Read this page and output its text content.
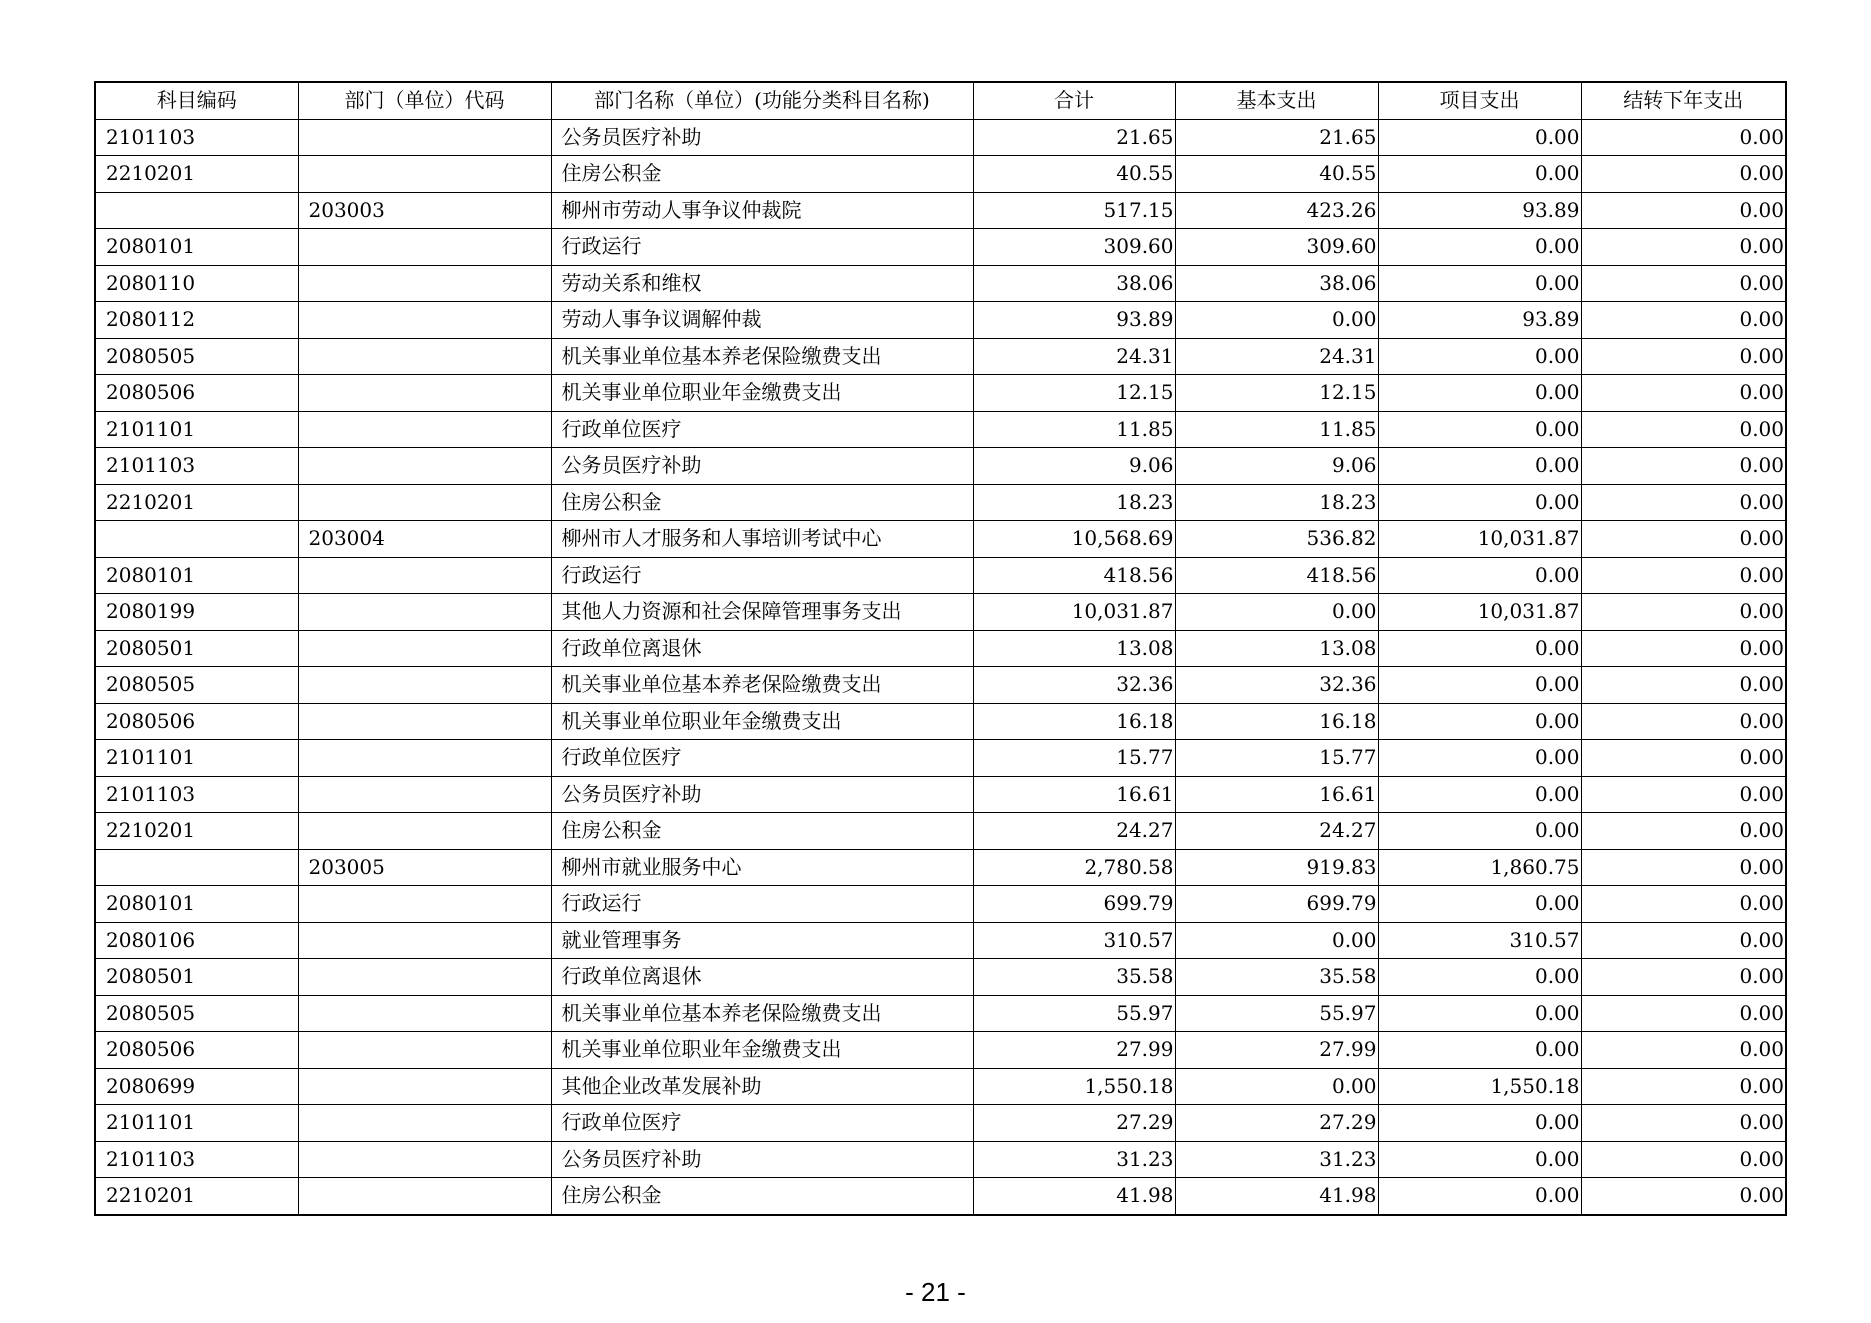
科目编码	部门（单位）代码	部门名称（单位）(功能分类科目名称)	合计	基本支出	项目支出	结转下年支出
2101103		公务员医疗补助	21.65	21.65	0.00	0.00
2210201		住房公积金	40.55	40.55	0.00	0.00
	203003	柳州市劳动人事争议仲裁院	517.15	423.26	93.89	0.00
2080101		行政运行	309.60	309.60	0.00	0.00
2080110		劳动关系和维权	38.06	38.06	0.00	0.00
2080112		劳动人事争议调解仲裁	93.89	0.00	93.89	0.00
2080505		机关事业单位基本养老保险缴费支出	24.31	24.31	0.00	0.00
2080506		机关事业单位职业年金缴费支出	12.15	12.15	0.00	0.00
2101101		行政单位医疗	11.85	11.85	0.00	0.00
2101103		公务员医疗补助	9.06	9.06	0.00	0.00
2210201		住房公积金	18.23	18.23	0.00	0.00
	203004	柳州市人才服务和人事培训考试中心	10,568.69	536.82	10,031.87	0.00
2080101		行政运行	418.56	418.56	0.00	0.00
2080199		其他人力资源和社会保障管理事务支出	10,031.87	0.00	10,031.87	0.00
2080501		行政单位离退休	13.08	13.08	0.00	0.00
2080505		机关事业单位基本养老保险缴费支出	32.36	32.36	0.00	0.00
2080506		机关事业单位职业年金缴费支出	16.18	16.18	0.00	0.00
2101101		行政单位医疗	15.77	15.77	0.00	0.00
2101103		公务员医疗补助	16.61	16.61	0.00	0.00
2210201		住房公积金	24.27	24.27	0.00	0.00
	203005	柳州市就业服务中心	2,780.58	919.83	1,860.75	0.00
2080101		行政运行	699.79	699.79	0.00	0.00
2080106		就业管理事务	310.57	0.00	310.57	0.00
2080501		行政单位离退休	35.58	35.58	0.00	0.00
2080505		机关事业单位基本养老保险缴费支出	55.97	55.97	0.00	0.00
2080506		机关事业单位职业年金缴费支出	27.99	27.99	0.00	0.00
2080699		其他企业改革发展补助	1,550.18	0.00	1,550.18	0.00
2101101		行政单位医疗	27.29	27.29	0.00	0.00
2101103		公务员医疗补助	31.23	31.23	0.00	0.00
2210201		住房公积金	41.98	41.98	0.00	0.00
- 21 -
